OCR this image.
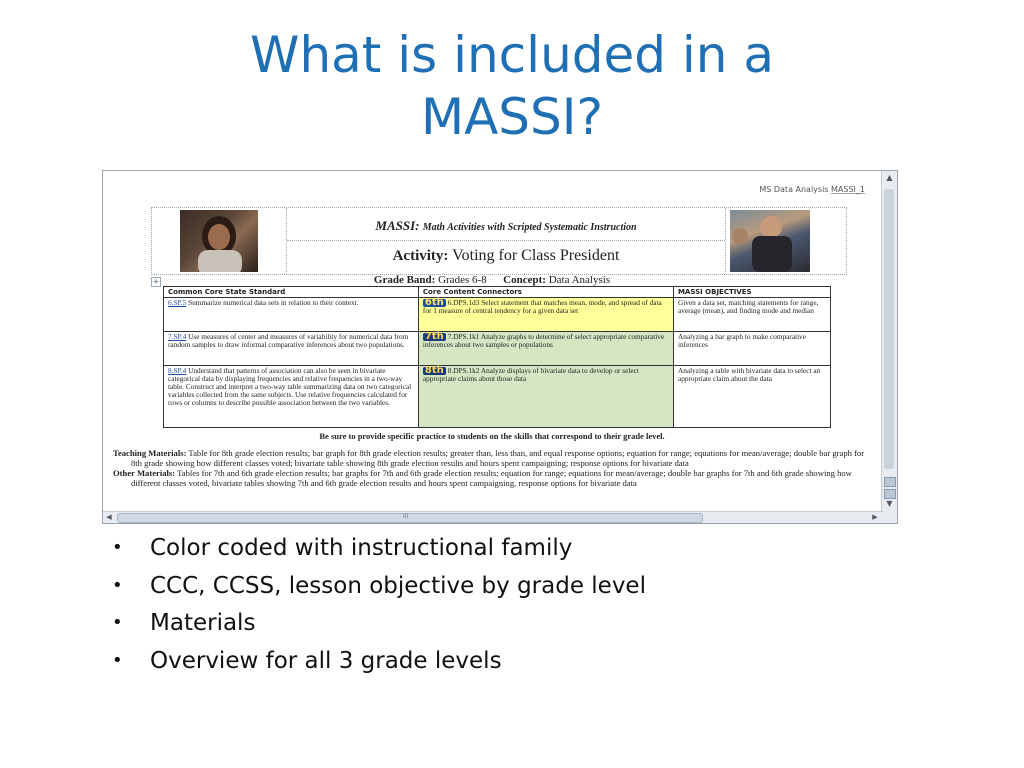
What is included in a
MASSI?
MS Data Analysis MASSI_1
MASSI: Math Activities with Scripted Systematic Instruction
Activity: Voting for Class President
Grade Band: Grades 6-8 Concept: Data Analysis
+
Common Core State Standard	Core Content Connectors	MASSI OBJECTIVES
6.SP.5 Summarize numerical data sets in relation to their context.	6th 6.DPS.1d3 Select statement that matches mean, mode, and spread of data for 1 measure of central tendency for a given data set	Given a data set, matching statements for range, average (mean), and finding mode and median
7.SP.4 Use measures of center and measures of variability for numerical data from random samples to draw informal comparative inferences about two populations.	7th 7.DPS.1k1 Analyze graphs to determine of select appropriate comparative inferences about two samples or populations	Analyzing a bar graph to make comparative inferences
8.SP.4 Understand that patterns of association can also be seen in bivariate categorical data by displaying frequencies and relative frequencies in a two-way table. Construct and interpret a two-way table summarizing data on two categorical variables collected from the same subjects. Use relative frequencies calculated for rows or columns to describe possible association between the two variables.	8th 8.DPS.1k2 Analyze displays of bivariate data to develop or select appropriate claims about those data	Analyzing a table with bivariate data to select an appropriate claim about the data
Be sure to provide specific practice to students on the skills that correspond to their grade level.

Teaching Materials: Table for 8th grade election results; bar graph for 8th grade election results; greater than, less than, and equal response options; equation for range; equations for mean/average; double bar graph for 8th grade showing how different classes voted; bivariate table showing 8th grade election results and hours spent campaigning; response options for bivariate data

Other Materials: Tables for 7th and 6th grade election results; bar graphs for 7th and 6th grade election results; equation for range; equations for mean/average; double bar graphs for 7th and 6th grade showing how different classes voted, bivariate tables showing 7th and 6th grade election results and hours spent campaigning, response options for bivariate data

▲
▼
◀	III	▶
• Color coded with instructional family
• CCC, CCSS, lesson objective by grade level
• Materials
• Overview for all 3 grade levels
